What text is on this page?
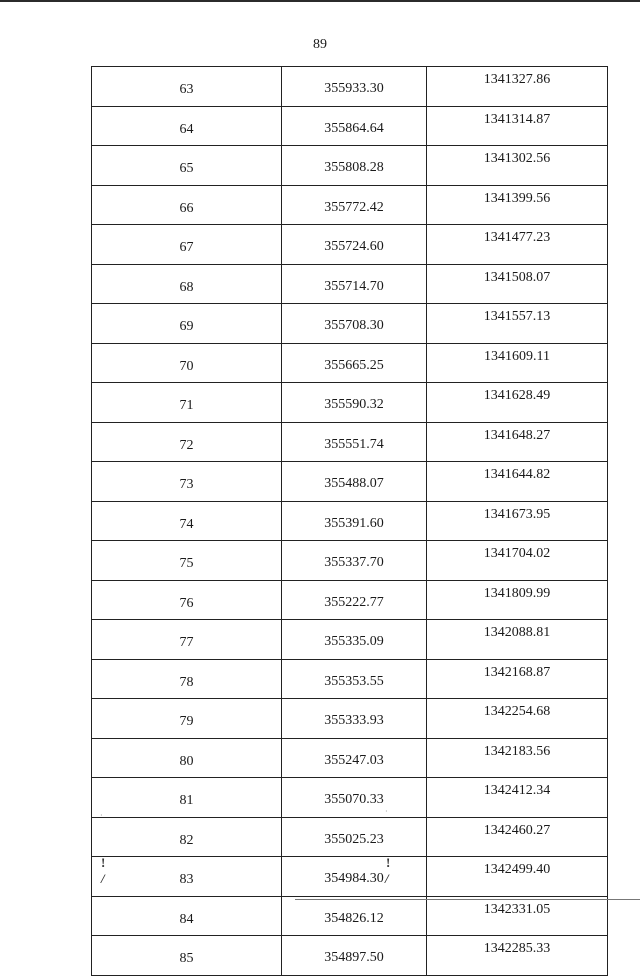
89
63	355933.30	1341327.86
64	355864.64	1341314.87
65	355808.28	1341302.56
66	355772.42	1341399.56
67	355724.60	1341477.23
68	355714.70	1341508.07
69	355708.30	1341557.13
70	355665.25	1341609.11
71	355590.32	1341628.49
72	355551.74	1341648.27
73	355488.07	1341644.82
74	355391.60	1341673.95
75	355337.70	1341704.02
76	355222.77	1341809.99
77	355335.09	1342088.81
78	355353.55	1342168.87
79	355333.93	1342254.68
80	355247.03	1342183.56
81	355070.33	1342412.34
82	355025.23	1342460.27
83	354984.30	1342499.40
84	354826.12	1342331.05
85	354897.50	1342285.33
·	·
!
/
!
/
